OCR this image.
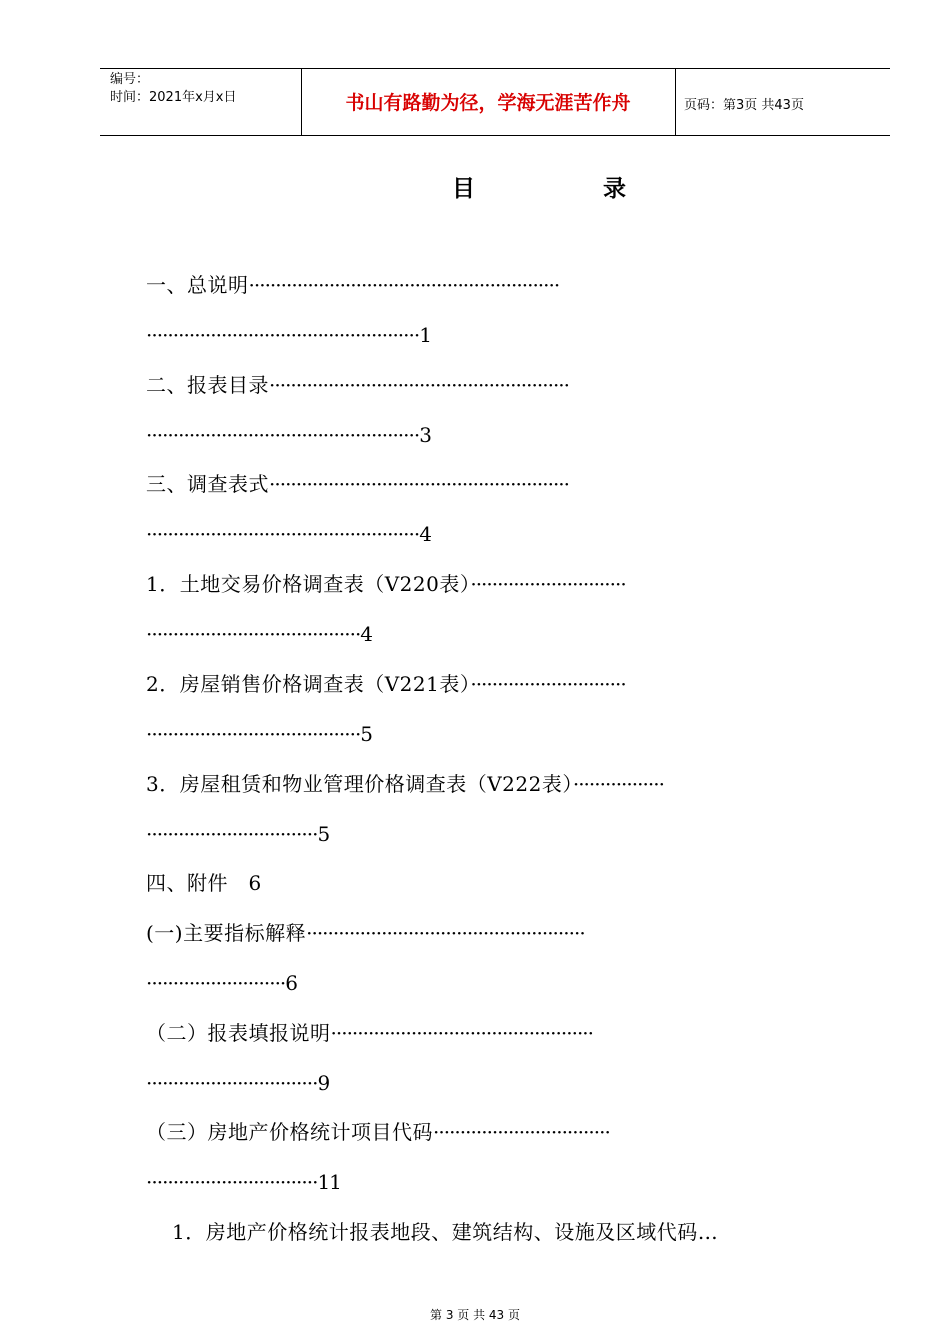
编号：
时间：2021年x月x日	书山有路勤为径，学海无涯苦作舟	页码：第3页 共43页
目	录
一、总说明··························································
···················································1
二、报表目录························································
···················································3
三、调查表式························································
···················································4
1．土地交易价格调查表（V220表）·····························
········································4
2．房屋销售价格调查表（V221表）·····························
········································5
3．房屋租赁和物业管理价格调查表（V222表）·················
································5
四、附件　6
(一)主要指标解释····················································
··························6
（二）报表填报说明·················································
································9
（三）房地产价格统计项目代码·································
································11
1．房地产价格统计报表地段、建筑结构、设施及区域代码…
第 3 页 共 43 页
